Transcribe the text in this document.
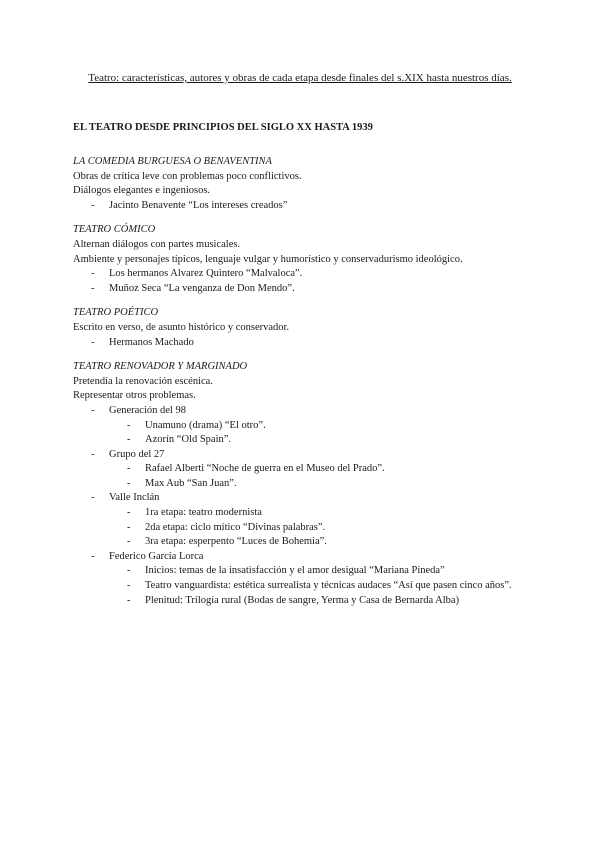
Teatro: características, autores y obras de cada etapa desde finales del s.XIX hasta nuestros días.
EL TEATRO DESDE PRINCIPIOS DEL SIGLO XX HASTA 1939
LA COMEDIA BURGUESA O BENAVENTINA
Obras de crítica leve con problemas poco conflictivos.
Diálogos elegantes e ingeniosos.
- Jacinto Benavente “Los intereses creados”
TEATRO CÓMICO
Alternan diálogos con partes musicales.
Ambiente y personajes típicos, lenguaje vulgar y humorístico y conservadurismo ideológico.
- Los hermanos Alvarez Quintero “Malvaloca”.
- Muñoz Seca “La venganza de Don Mendo”.
TEATRO POÉTICO
Escrito en verso, de asunto histórico y conservador.
- Hermanos Machado
TEATRO RENOVADOR Y MARGINADO
Pretendía la renovación escénica.
Representar otros problemas.
- Generación del 98
- Unamuno (drama) “El otro”.
- Azorín “Old Spain”.
- Grupo del 27
- Rafael Alberti “Noche de guerra en el Museo del Prado”.
- Max Aub “San Juan”.
- Valle Inclán
- 1ra etapa: teatro modernista
- 2da etapa: ciclo mítico “Divinas palabras”.
- 3ra etapa: esperpento “Luces de Bohemia”.
- Federico García Lorca
- Inicios: temas de la insatisfacción y el amor desigual “Mariana Pineda”
- Teatro vanguardista: estética surrealista y técnicas audaces “Así que pasen cinco años”.
- Plenitud: Trilogía rural (Bodas de sangre, Yerma y Casa de Bernarda Alba)
